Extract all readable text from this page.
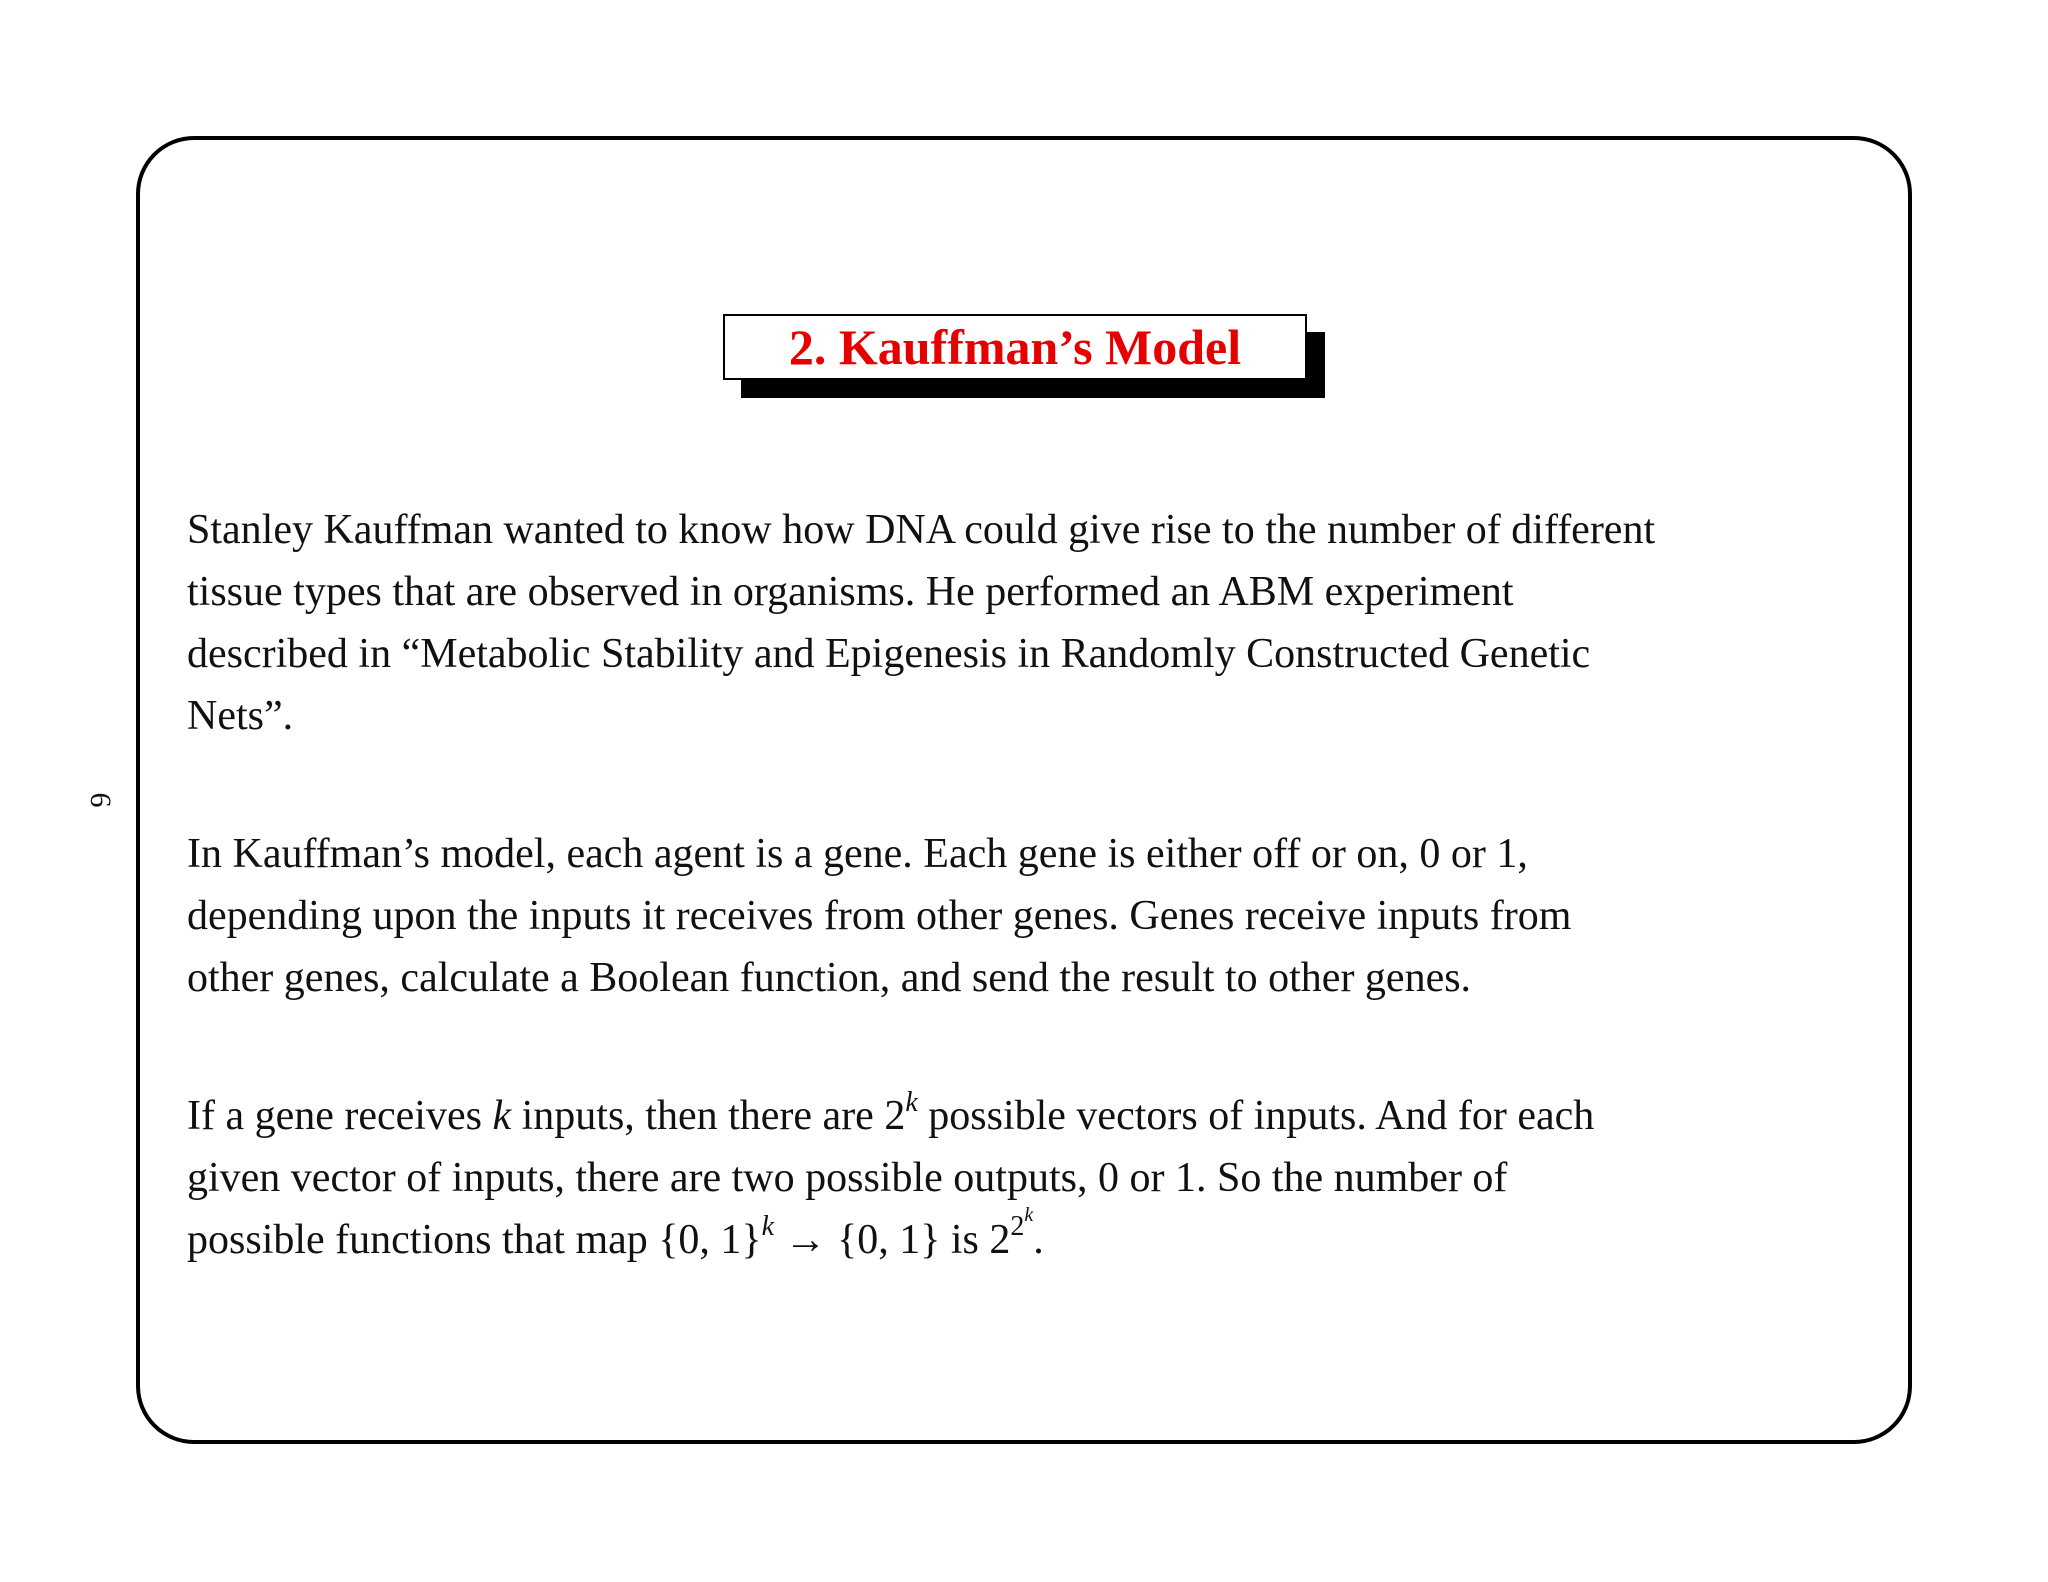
6
2. Kauffman’s Model
Stanley Kauffman wanted to know how DNA could give rise to the number of different
tissue types that are observed in organisms. He performed an ABM experiment
described in “Metabolic Stability and Epigenesis in Randomly Constructed Genetic
Nets”.
In Kauffman’s model, each agent is a gene. Each gene is either off or on, 0 or 1,
depending upon the inputs it receives from other genes. Genes receive inputs from
other genes, calculate a Boolean function, and send the result to other genes.
If a gene receives k inputs, then there are 2$^k$ possible vectors of inputs. And for each
given vector of inputs, there are two possible outputs, 0 or 1. So the number of
possible functions that map {0, 1}$^k$ → {0, 1} is $2^{2^k}$.
